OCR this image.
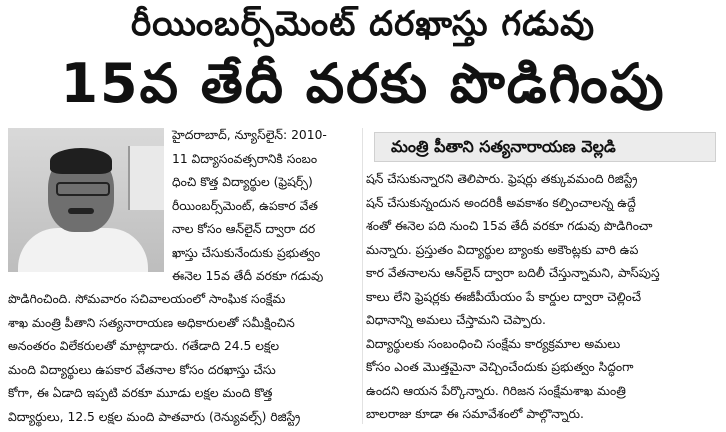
రీయింబర్స్‌మెంట్ దరఖాస్తు గడువు
15వ తేదీ వరకు పొడిగింపు

హైదరాబాద్, న్యూస్‌లైన్: 2010-

11 విద్యాసంవత్సరానికి సంబం

ధించి కొత్త విద్యార్థుల (ఫ్రెషర్స్)

రీయింబర్స్‌మెంట్, ఉపకార వేత

నాల కోసం ఆన్‌లైన్ ద్వారా దర

ఖాస్తు చేసుకునేందుకు ప్రభుత్వం

ఈనెల 15వ తేదీ వరకూ గడువు

పొడిగించింది. సోమవారం సచివాలయంలో సాంఘిక సంక్షేమ

శాఖ మంత్రి పీతాని సత్యనారాయణ అధికారులతో సమీక్షించిన

అనంతరం విలేకరులతో మాట్లాడారు. గతేడాది 24.5 లక్షల

మంది విద్యార్థులు ఉపకార వేతనాల కోసం దరఖాస్తు చేసు

కోగా, ఈ ఏడాది ఇప్పటి వరకూ మూడు లక్షల మంది కొత్త

విద్యార్థులు, 12.5 లక్షల మంది పాతవారు (రెన్యువల్స్) రిజిస్ట్రే

మంత్రి పీతాని సత్యనారాయణ వెల్లడి

షన్ చేసుకున్నారని తెలిపారు. ఫ్రెషర్లు తక్కువమంది రిజిస్ట్రే

షన్ చేసుకున్నందున అందరికీ అవకాశం కల్పించాలన్న ఉద్దే

శంతో ఈనెల పది నుంచి 15వ తేదీ వరకూ గడువు పొడిగించా

మన్నారు. ప్రస్తుతం విద్యార్థుల బ్యాంకు అకౌంట్లకు వారి ఉప

కార వేతనాలను ఆన్‌లైన్ ద్వారా బదిలీ చేస్తున్నామని, పాస్‌పుస్త

కాలు లేని ఫ్రెషర్లకు ఈజీపీయేయం పే కార్డుల ద్వారా చెల్లించే

విధానాన్ని అమలు చేస్తామని చెప్పారు.

విద్యార్థులకు సంబంధించి సంక్షేమ కార్యక్రమాల అమలు

కోసం ఎంత మొత్తమైనా వెచ్చించేందుకు ప్రభుత్వం సిద్ధంగా

ఉందని ఆయన పేర్కొన్నారు. గిరిజన సంక్షేమశాఖ మంత్రి

బాలరాజు కూడా ఈ సమావేశంలో పాల్గొన్నారు.
